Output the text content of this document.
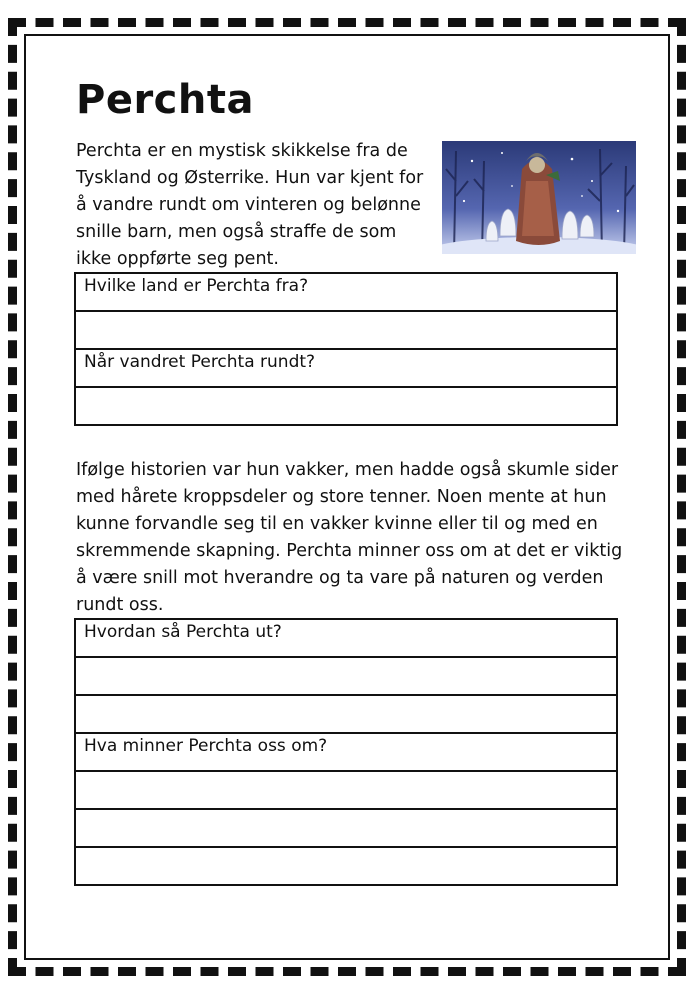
Perchta

Perchta er en mystisk skikkelse fra de Tyskland og Østerrike. Hun var kjent for å vandre rundt om vinteren og belønne snille barn, men også straffe de som ikke oppførte seg pent.

Hvilke land er Perchta fra?

Når vandret Perchta rundt?

Ifølge historien var hun vakker, men hadde også skumle sider med hårete kroppsdeler og store tenner. Noen mente at hun kunne forvandle seg til en vakker kvinne eller til og med en skremmende skapning. Perchta minner oss om at det er viktig å være snill mot hverandre og ta vare på naturen og verden rundt oss.

Hvordan så Perchta ut?

Hva minner Perchta oss om?
